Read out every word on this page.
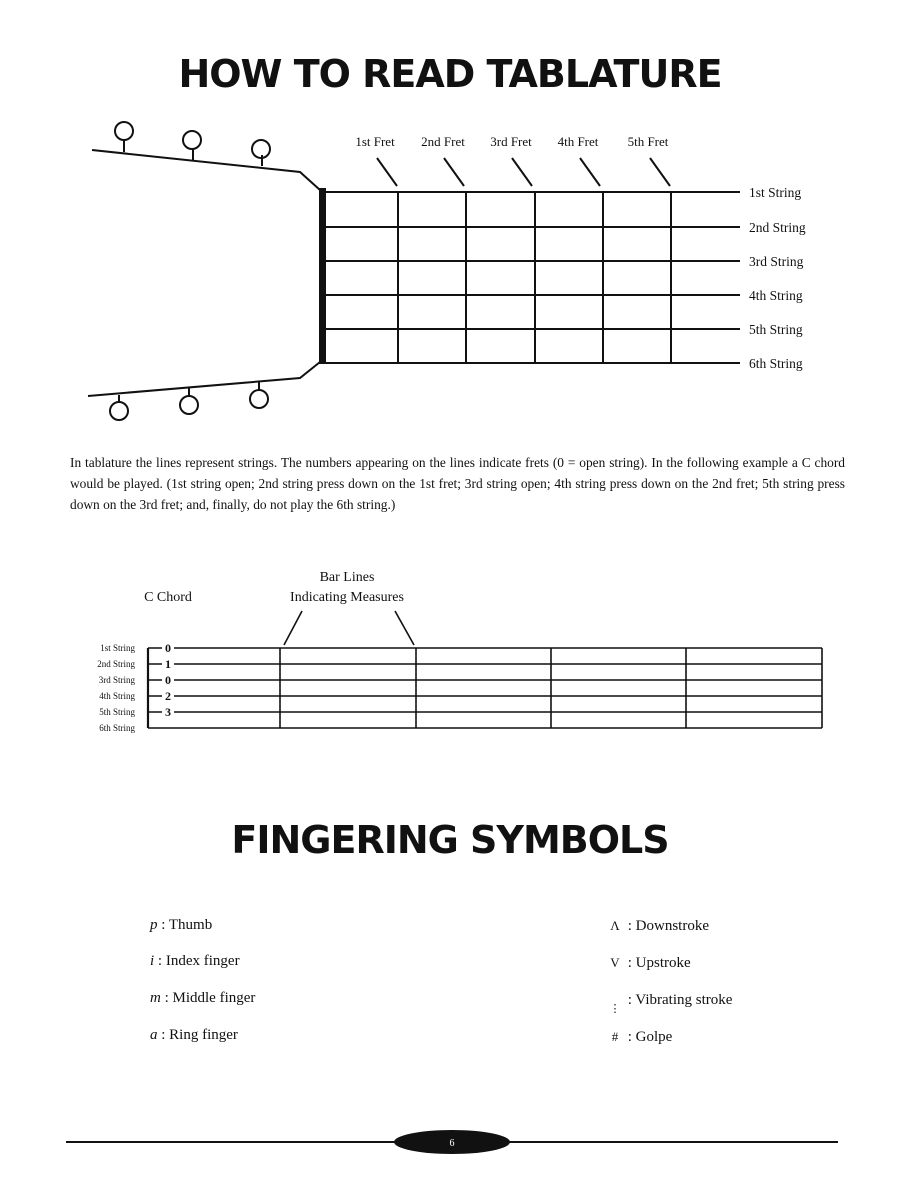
HOW TO READ TABLATURE
1st Fret 2nd Fret 3rd Fret 4th Fret 5th Fret
1st String
2nd String
3rd String
4th String
5th String
6th String
In tablature the lines represent strings. The numbers appearing on the lines indicate frets (0 = open string). In the following example a C chord would be played. (1st string open; 2nd string press down on the 1st fret; 3rd string open; 4th string press down on the 2nd fret; 5th string press down on the 3rd fret; and, finally, do not play the 6th string.)
C Chord
Bar Lines
Indicating Measures
1st String
2nd String
3rd String
4th String
5th String
6th String
0
1
0
2
3
FINGERING SYMBOLS
p : Thumb
i : Index finger
m : Middle finger
a : Ring finger
Λ : Downstroke
V : Upstroke
⋮ : Vibrating stroke
# : Golpe
6
